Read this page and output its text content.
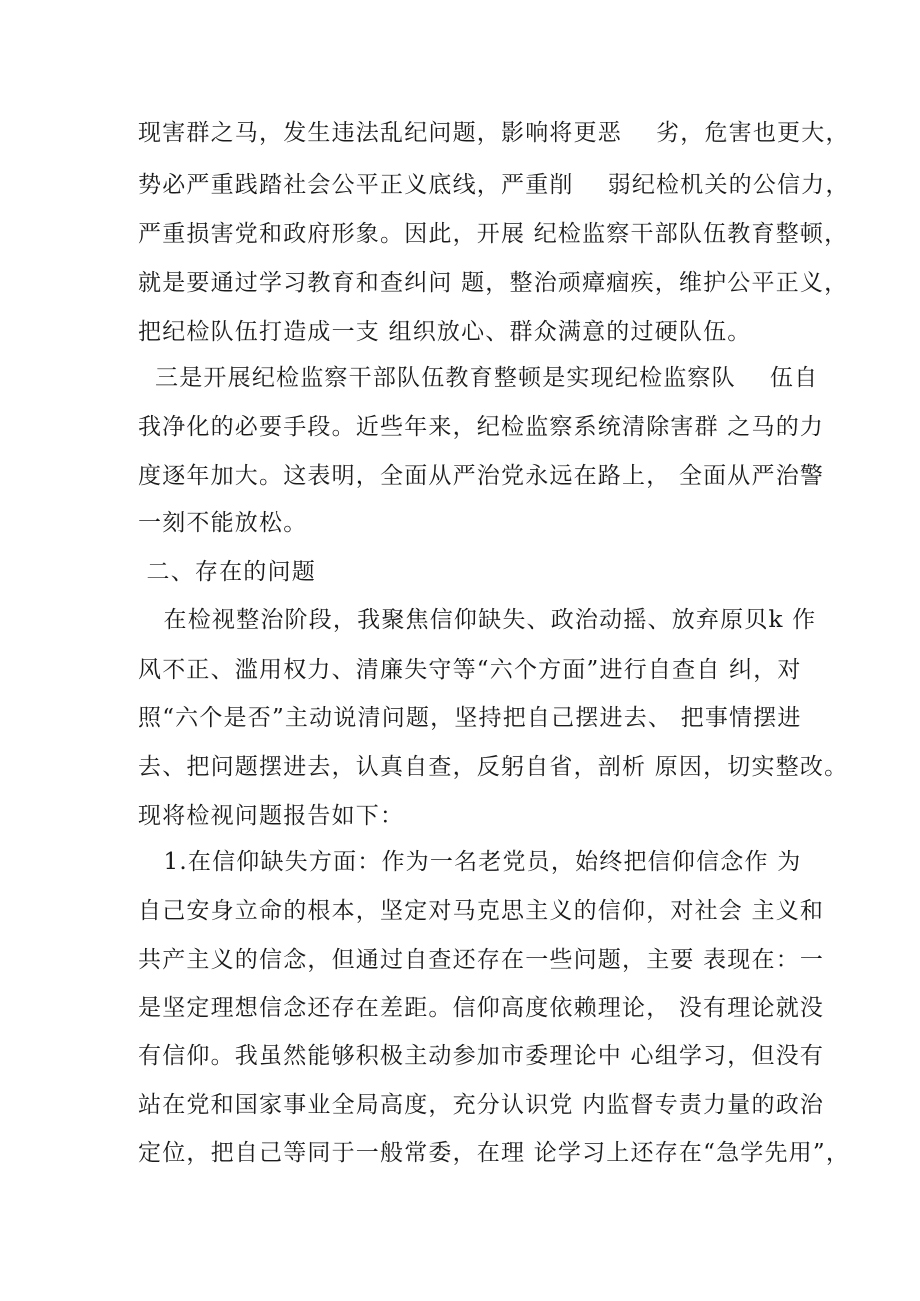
现害群之马，发生违法乱纪问题，影响将更恶    劣，危害也更大，
势必严重践踏社会公平正义底线，严重削    弱纪检机关的公信力，
严重损害党和政府形象。因此，开展 纪检监察干部队伍教育整顿，
就是要通过学习教育和查纠问 题，整治顽瘴痼疾，维护公平正义，
把纪检队伍打造成一支 组织放心、群众满意的过硬队伍。
三是开展纪检监察干部队伍教育整顿是实现纪检监察队    伍自
我净化的必要手段。近些年来，纪检监察系统清除害群 之马的力
度逐年加大。这表明，全面从严治党永远在路上， 全面从严治警
一刻不能放松。
二、存在的问题
在检视整治阶段，我聚焦信仰缺失、政治动摇、放弃原贝k 作
风不正、滥用权力、清廉失守等“六个方面”进行自查自 纠，对
照“六个是否”主动说清问题，坚持把自己摆进去、 把事情摆进
去、把问题摆进去，认真自查，反躬自省，剖析 原因，切实整改。
现将检视问题报告如下：
1.在信仰缺失方面：作为一名老党员，始终把信仰信念作 为
自己安身立命的根本，坚定对马克思主义的信仰，对社会 主义和
共产主义的信念，但通过自查还存在一些问题，主要 表现在：一
是坚定理想信念还存在差距。信仰高度依赖理论， 没有理论就没
有信仰。我虽然能够积极主动参加市委理论中 心组学习，但没有
站在党和国家事业全局高度，充分认识党 内监督专责力量的政治
定位，把自己等同于一般常委，在理 论学习上还存在“急学先用”，
